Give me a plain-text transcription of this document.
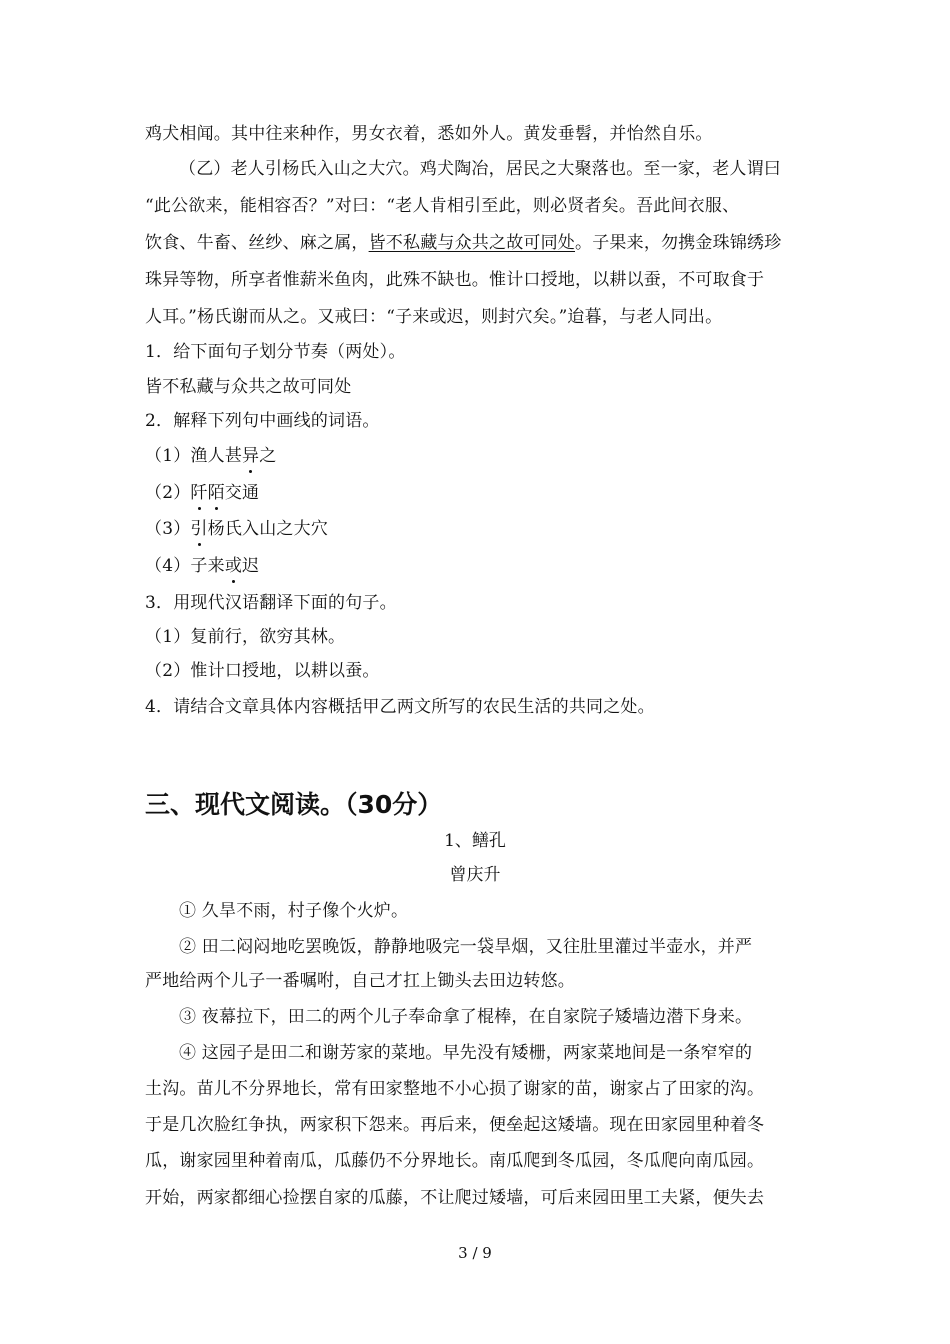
鸡犬相闻。其中往来种作，男女衣着，悉如外人。黄发垂髫，并怡然自乐。
（乙）老人引杨氏入山之大穴。鸡犬陶冶，居民之大聚落也。至一家，老人谓曰
“此公欲来，能相容否？”对曰：“老人肯相引至此，则必贤者矣。吾此间衣服、
饮食、牛畜、丝纱、麻之属，皆不私藏与众共之故可同处。子果来，勿携金珠锦绣珍
珠异等物，所享者惟薪米鱼肉，此殊不缺也。惟计口授地，以耕以蚕，不可取食于
人耳。”杨氏谢而从之。又戒曰：“子来或迟，则封穴矣。”迨暮，与老人同出。
1．给下面句子划分节奏（两处）。
皆不私藏与众共之故可同处
2．解释下列句中画线的词语。
（1）渔人甚异之
（2）阡陌交通
（3）引杨氏入山之大穴
（4）子来或迟
3．用现代汉语翻译下面的句子。
（1）复前行，欲穷其林。
（2）惟计口授地，以耕以蚕。
4．请结合文章具体内容概括甲乙两文所写的农民生活的共同之处。
三、现代文阅读。（30分）
1、鳝孔
曾庆升
① 久旱不雨，村子像个火炉。
② 田二闷闷地吃罢晚饭，静静地吸完一袋旱烟，又往肚里灌过半壶水，并严
严地给两个儿子一番嘱咐，自己才扛上锄头去田边转悠。
③ 夜幕拉下，田二的两个儿子奉命拿了棍棒，在自家院子矮墙边潜下身来。
④ 这园子是田二和谢芳家的菜地。早先没有矮栅，两家菜地间是一条窄窄的
土沟。苗儿不分界地长，常有田家整地不小心损了谢家的苗，谢家占了田家的沟。
于是几次脸红争执，两家积下怨来。再后来，便垒起这矮墙。现在田家园里种着冬
瓜，谢家园里种着南瓜，瓜藤仍不分界地长。南瓜爬到冬瓜园，冬瓜爬向南瓜园。
开始，两家都细心捡摆自家的瓜藤，不让爬过矮墙，可后来园田里工夫紧，便失去
3 / 9
